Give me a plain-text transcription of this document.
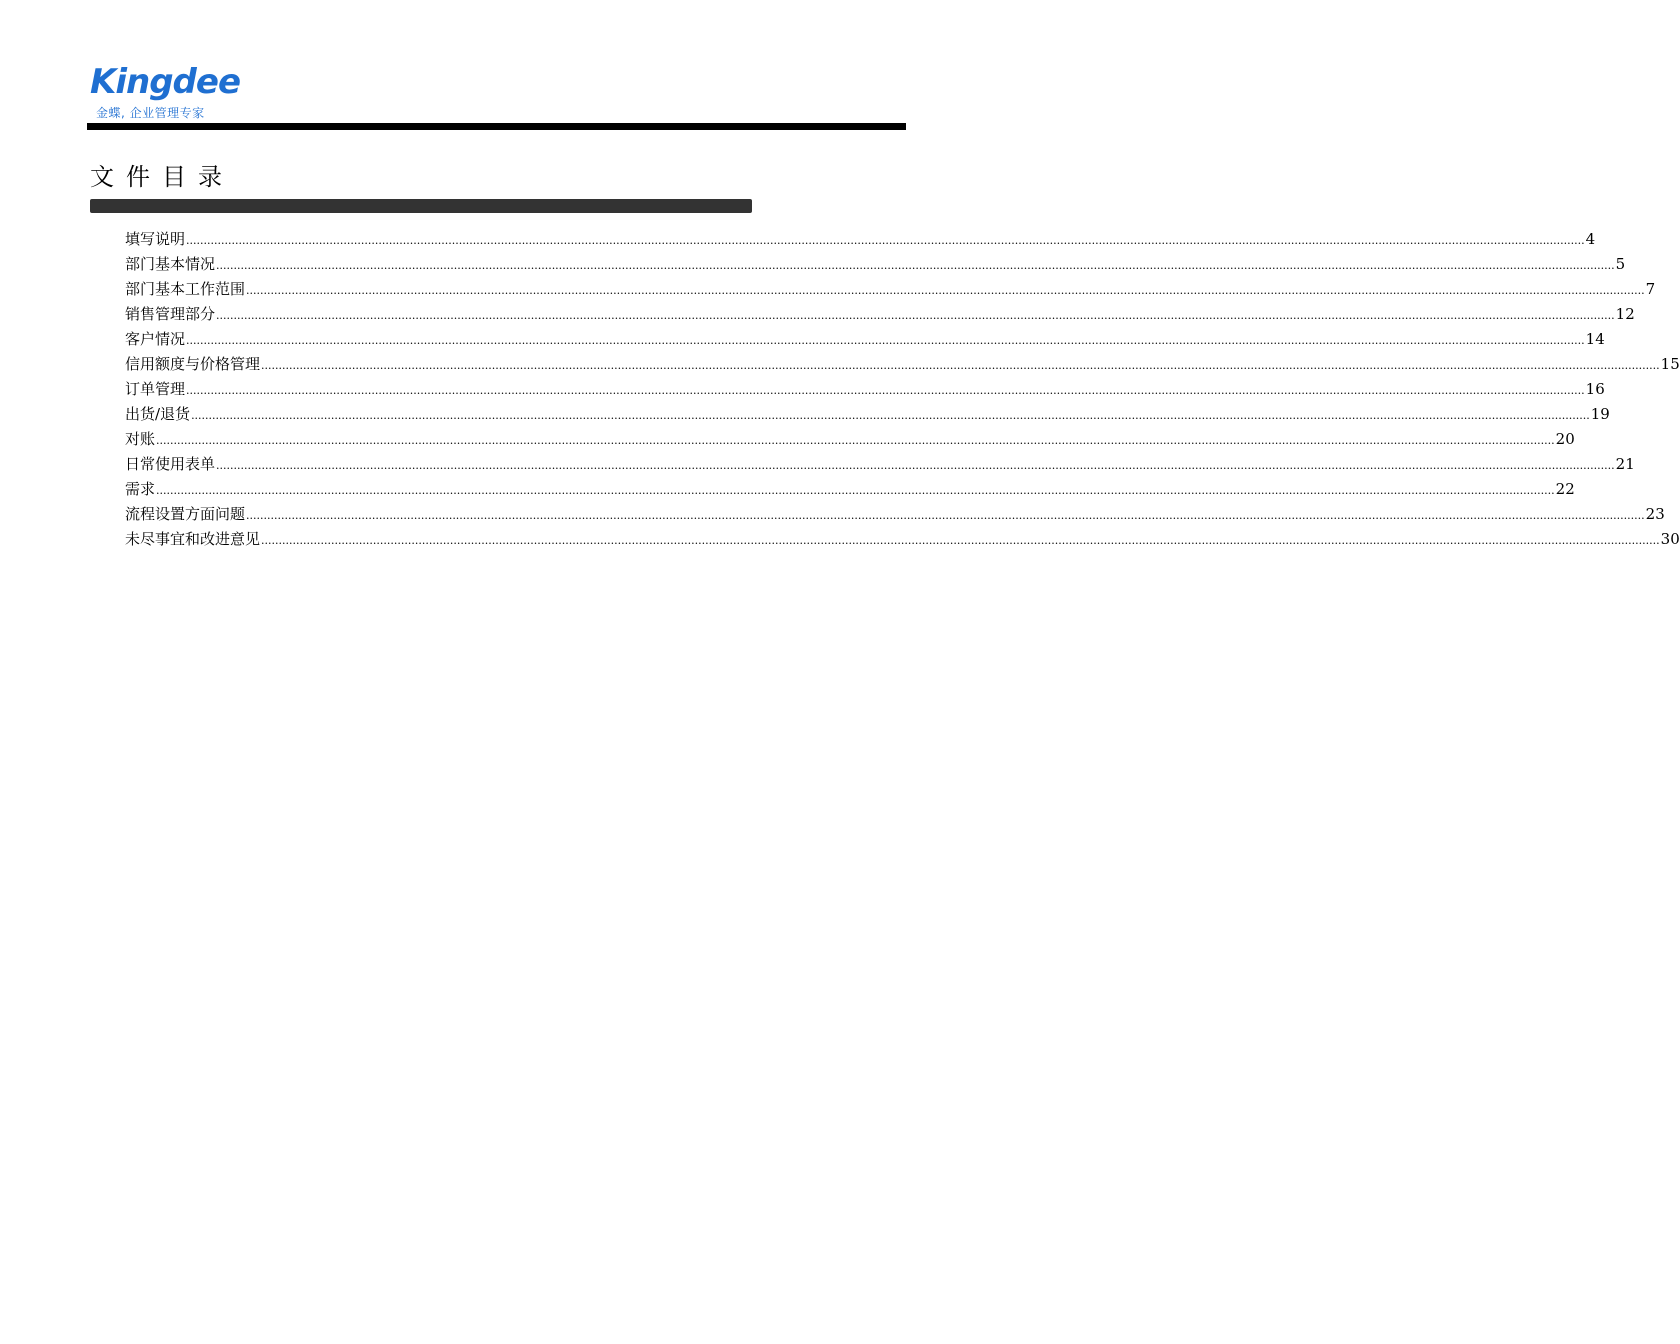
Kingdee
金蝶, 企业管理专家
文件目录
填写说明 ................................................................................................................................................................................................................................................................................................................................................................................................................ 4
部门基本情况 ................................................................................................................................................................................................................................................................................................................................................................................................................ 5
部门基本工作范围 ................................................................................................................................................................................................................................................................................................................................................................................................................ 7
销售管理部分 ................................................................................................................................................................................................................................................................................................................................................................................................................ 12
客户情况 ................................................................................................................................................................................................................................................................................................................................................................................................................ 14
信用额度与价格管理 ................................................................................................................................................................................................................................................................................................................................................................................................................ 15
订单管理 ................................................................................................................................................................................................................................................................................................................................................................................................................ 16
出货/退货 ................................................................................................................................................................................................................................................................................................................................................................................................................ 19
对账 ................................................................................................................................................................................................................................................................................................................................................................................................................ 20
日常使用表单 ................................................................................................................................................................................................................................................................................................................................................................................................................ 21
需求 ................................................................................................................................................................................................................................................................................................................................................................................................................ 22
流程设置方面问题 ................................................................................................................................................................................................................................................................................................................................................................................................................ 23
未尽事宜和改进意见 ................................................................................................................................................................................................................................................................................................................................................................................................................ 30
